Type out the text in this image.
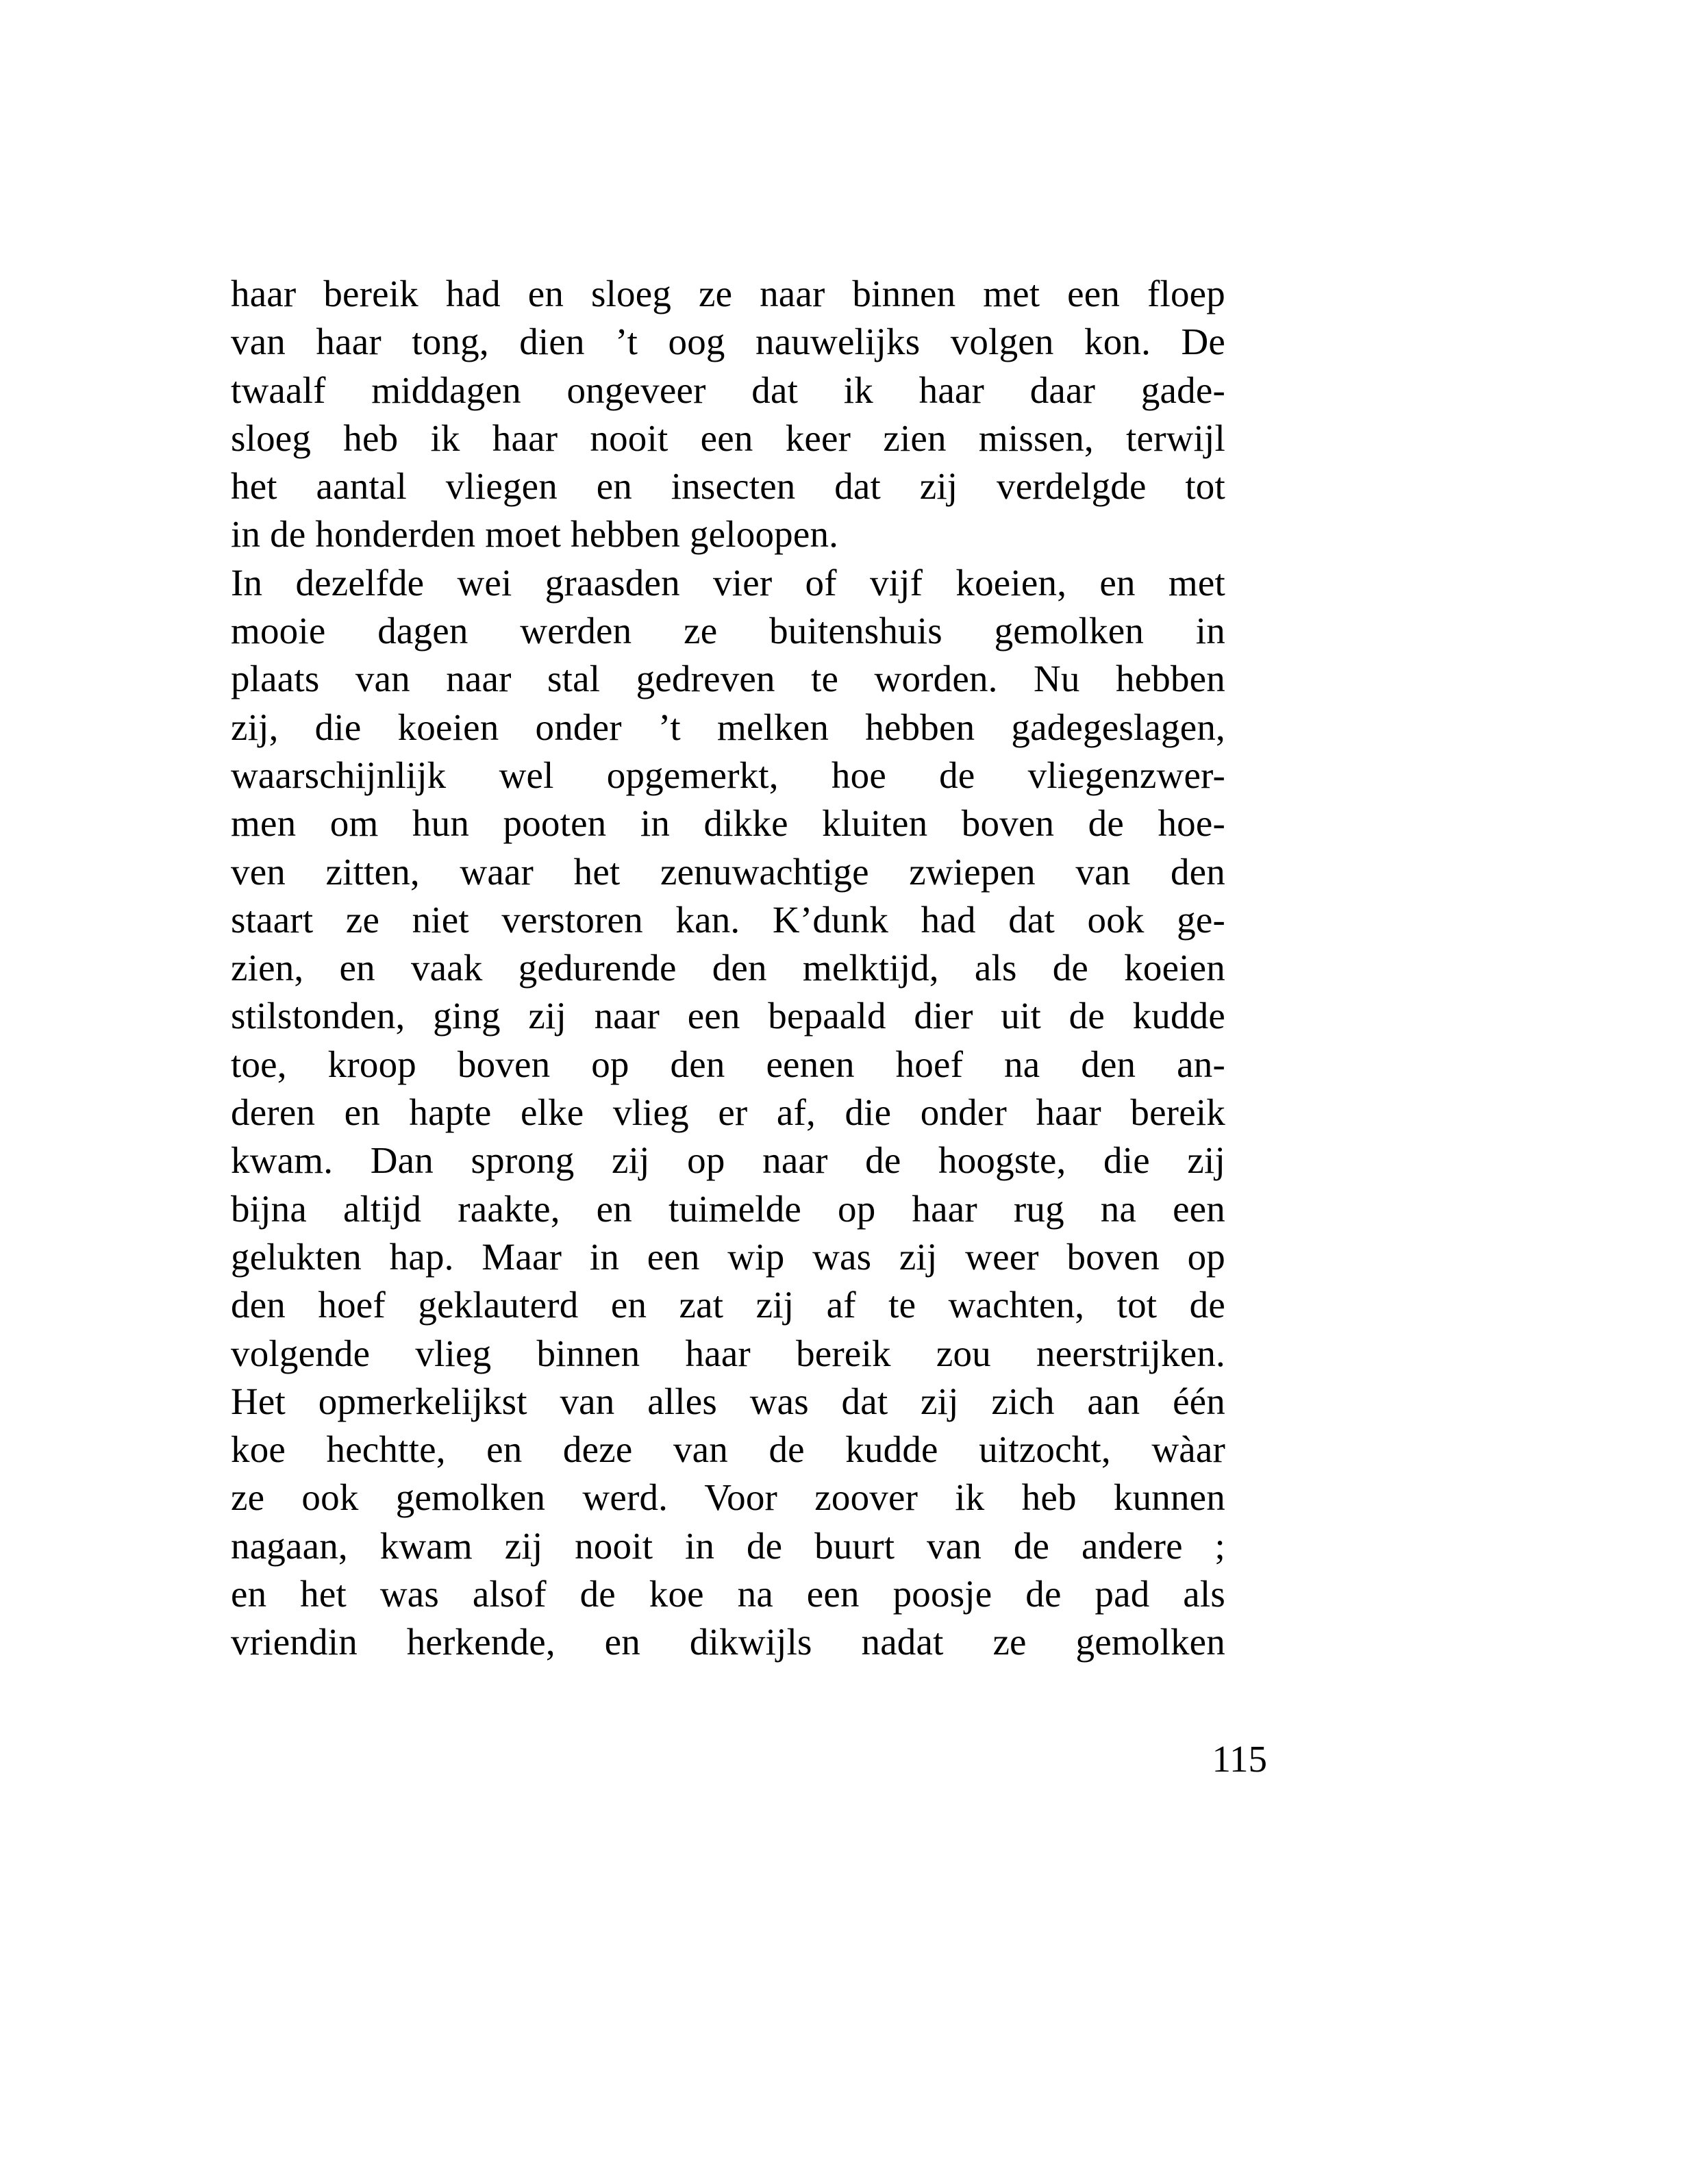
haar bereik had en sloeg ze naar binnen met een floep
van haar tong, dien ’t oog nauwelijks volgen kon. De
twaalf middagen ongeveer dat ik haar daar gade-
sloeg heb ik haar nooit een keer zien missen, terwijl
het aantal vliegen en insecten dat zij verdelgde tot
in de honderden moet hebben geloopen.
In dezelfde wei graasden vier of vijf koeien, en met
mooie dagen werden ze buitenshuis gemolken in
plaats van naar stal gedreven te worden. Nu hebben
zij, die koeien onder ’t melken hebben gadegeslagen,
waarschijnlijk wel opgemerkt, hoe de vliegenzwer-
men om hun pooten in dikke kluiten boven de hoe-
ven zitten, waar het zenuwachtige zwiepen van den
staart ze niet verstoren kan. K’dunk had dat ook ge-
zien, en vaak gedurende den melktijd, als de koeien
stilstonden, ging zij naar een bepaald dier uit de kudde
toe, kroop boven op den eenen hoef na den an-
deren en hapte elke vlieg er af, die onder haar bereik
kwam. Dan sprong zij op naar de hoogste, die zij
bijna altijd raakte, en tuimelde op haar rug na een
gelukten hap. Maar in een wip was zij weer boven op
den hoef geklauterd en zat zij af te wachten, tot de
volgende vlieg binnen haar bereik zou neerstrijken.
Het opmerkelijkst van alles was dat zij zich aan één
koe hechtte, en deze van de kudde uitzocht, wàar
ze ook gemolken werd. Voor zoover ik heb kunnen
nagaan, kwam zij nooit in de buurt van de andere ;
en het was alsof de koe na een poosje de pad als
vriendin herkende, en dikwijls nadat ze gemolken
115
